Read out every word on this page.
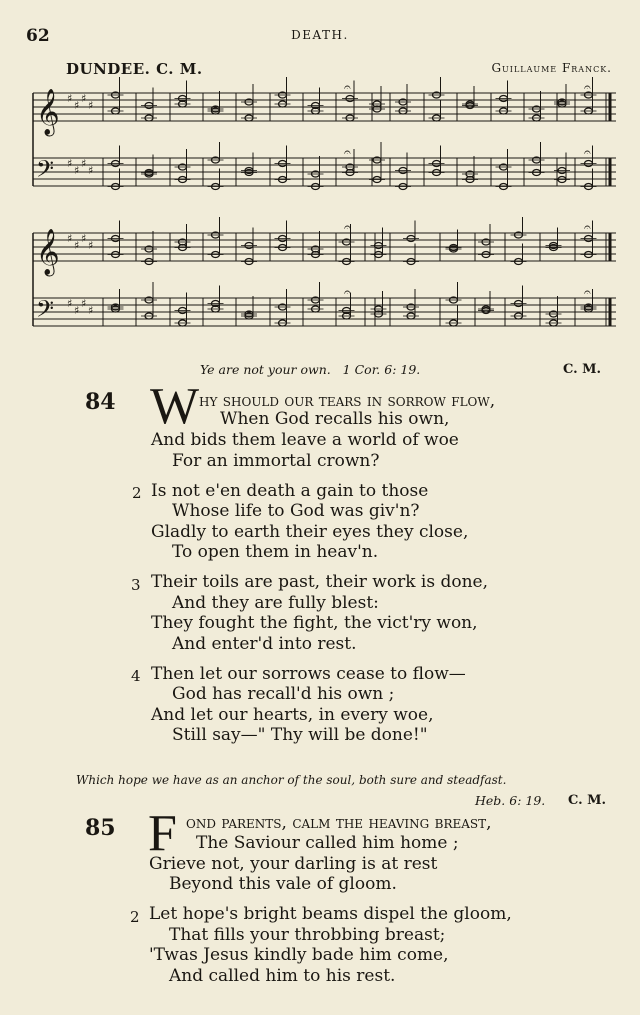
62	DEATH.
DUNDEE. C. M.	Guillaume Franck.
𝄞 ♯
♯
♯
♯
𝄐	𝄐
𝄢 ♯
♯
♯
♯
𝄐	𝄐
𝄞 ♯
♯
♯
♯
𝄐	𝄐
𝄢 ♯
♯
♯
♯
𝄐	𝄐
Ye are not your own. 1 Cor. 6: 19.	C. M.
84 W hy should our tears in sorrow flow,
When God recalls his own,
And bids them leave a world of woe
For an immortal crown?
2 Is not e'en death a gain to those
Whose life to God was giv'n?
Gladly to earth their eyes they close,
To open them in heav'n.
3 Their toils are past, their work is done,
And they are fully blest:
They fought the fight, the vict'ry won,
And enter'd into rest.
4 Then let our sorrows cease to flow—
God has recall'd his own ;
And let our hearts, in every woe,
Still say—" Thy will be done!"
Which hope we have as an anchor of the soul, both sure and steadfast.
Heb. 6: 19. C. M.
85 F ond parents, calm the heaving breast,
The Saviour called him home ;
Grieve not, your darling is at rest
Beyond this vale of gloom.
2 Let hope's bright beams dispel the gloom,
That fills your throbbing breast;
'Twas Jesus kindly bade him come,
And called him to his rest.
